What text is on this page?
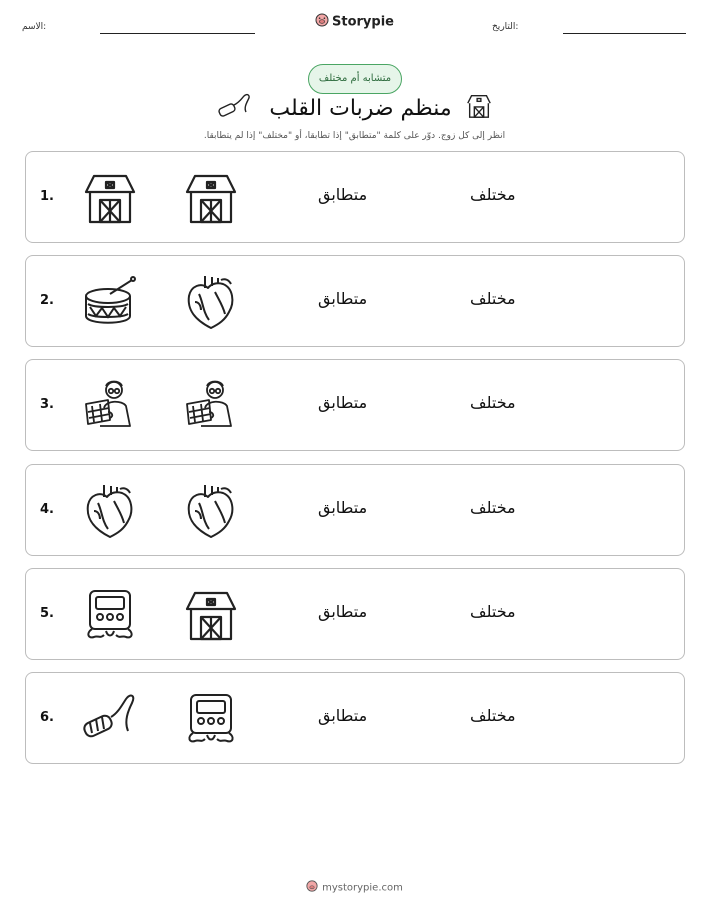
الاسم:	Storypie	التاريخ:
متشابه أم مختلف
منظم ضربات القلب
انظر إلى كل زوج. دوّر على كلمة "متطابق" إذا تطابقا، أو "مختلف" إذا لم يتطابقا.
1.	متطابق	مختلف
2.	متطابق	مختلف
3.	متطابق	مختلف
4.	متطابق	مختلف
5.	متطابق	مختلف
6.	متطابق	مختلف
mystorypie.com
